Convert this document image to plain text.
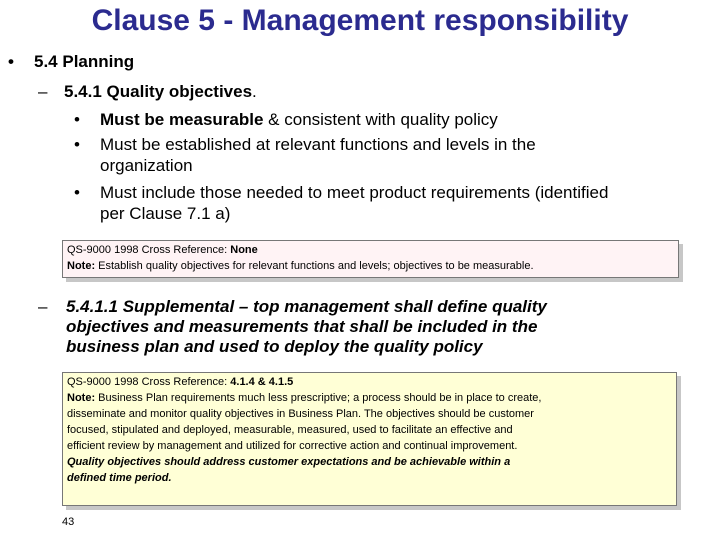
Clause 5 - Management responsibility
• 5.4 Planning
– 5.4.1 Quality objectives.
• Must be measurable & consistent with quality policy
• Must be established at relevant functions and levels in the
organization
• Must include those needed to meet product requirements (identified
per Clause 7.1 a)
QS-9000 1998 Cross Reference: None
Note: Establish quality objectives for relevant functions and levels; objectives to be measurable.
– 5.4.1.1 Supplemental – top management shall define quality
objectives and measurements that shall be included in the
business plan and used to deploy the quality policy
QS-9000 1998 Cross Reference: 4.1.4 & 4.1.5
Note: Business Plan requirements much less prescriptive; a process should be in place to create,
disseminate and monitor quality objectives in Business Plan. The objectives should be customer
focused, stipulated and deployed, measurable, measured, used to facilitate an effective and
efficient review by management and utilized for corrective action and continual improvement.
Quality objectives should address customer expectations and be achievable within a
defined time period.
43
